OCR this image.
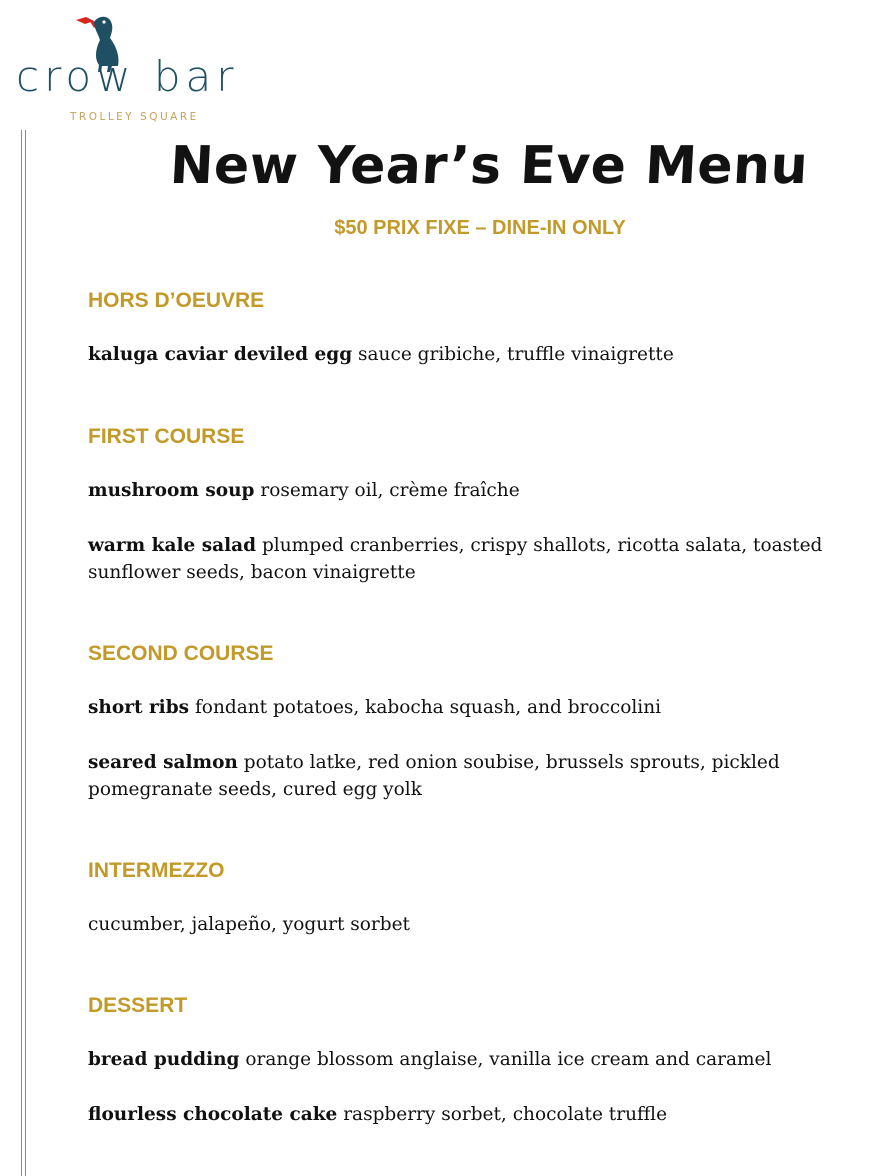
crow bar
TROLLEY SQUARE
New Year’s Eve Menu
$50 PRIX FIXE – DINE-IN ONLY
HORS D’OEUVRE

kaluga caviar deviled egg sauce gribiche, truffle vinaigrette

FIRST COURSE

mushroom soup rosemary oil, crème fraîche

warm kale salad plumped cranberries, crispy shallots, ricotta salata, toasted sunflower seeds, bacon vinaigrette

SECOND COURSE

short ribs fondant potatoes, kabocha squash, and broccolini

seared salmon potato latke, red onion soubise, brussels sprouts, pickled pomegranate seeds, cured egg yolk

INTERMEZZO

cucumber, jalapeño, yogurt sorbet

DESSERT

bread pudding orange blossom anglaise, vanilla ice cream and caramel

flourless chocolate cake raspberry sorbet, chocolate truffle
